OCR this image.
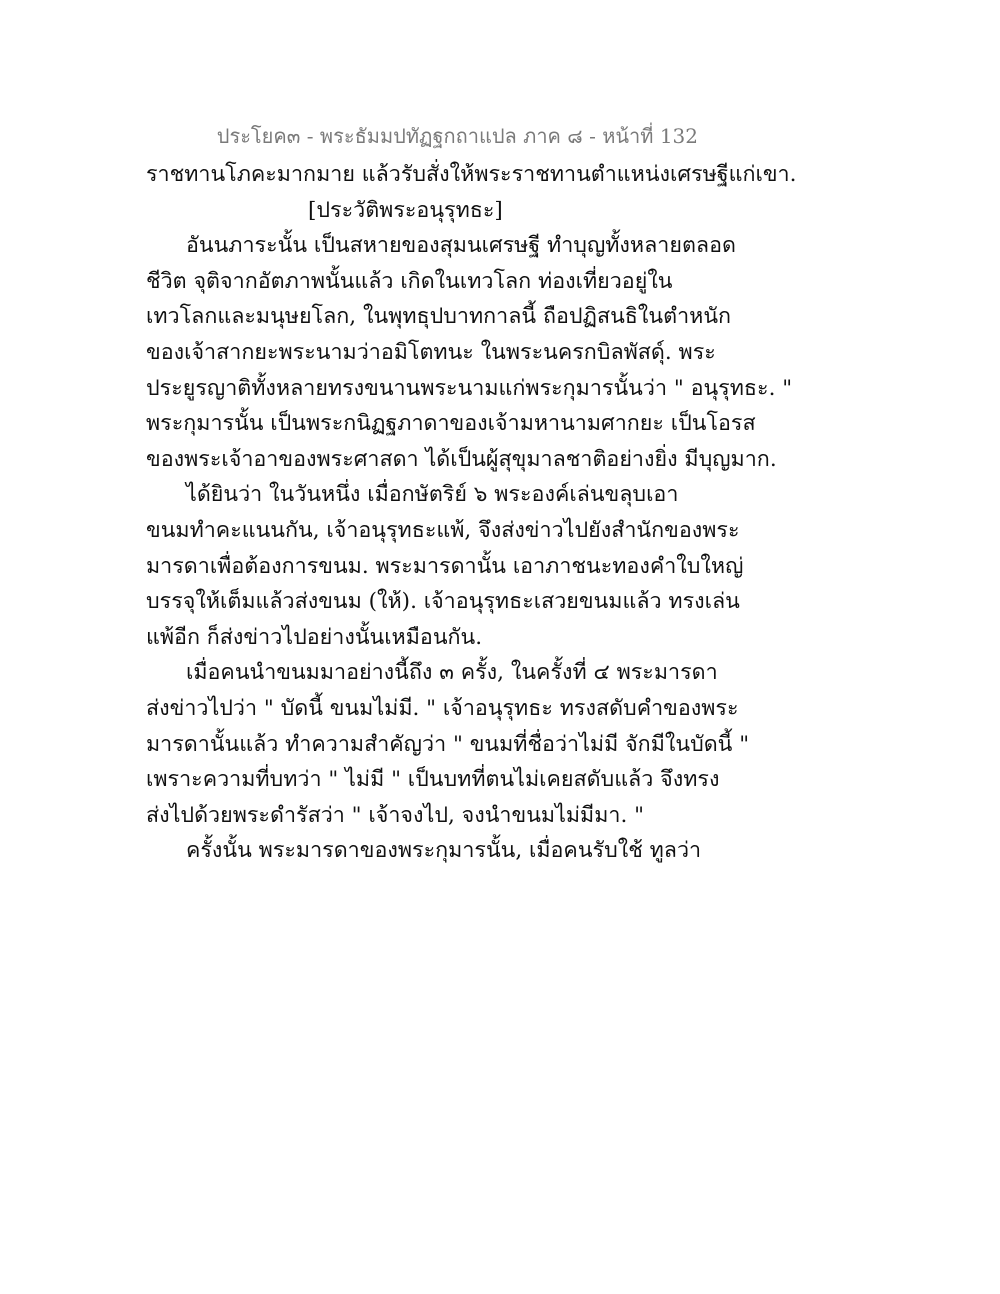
ประโยค๓ - พระธัมมปทัฏฐกถาแปล ภาค ๘ - หน้าที่ 132
ราชทานโภคะมากมาย แล้วรับสั่งให้พระราชทานตำแหน่งเศรษฐีแก่เขา.
[ประวัติพระอนุรุทธะ]
อันนภาระนั้น เป็นสหายของสุมนเศรษฐี ทำบุญทั้งหลายตลอด
ชีวิต จุติจากอัตภาพนั้นแล้ว เกิดในเทวโลก ท่องเที่ยวอยู่ใน
เทวโลกและมนุษยโลก, ในพุทธุปบาทกาลนี้ ถือปฏิสนธิในตำหนัก
ของเจ้าสากยะพระนามว่าอมิโตทนะ ในพระนครกบิลพัสดุ์. พระ
ประยูรญาติทั้งหลายทรงขนานพระนามแก่พระกุมารนั้นว่า " อนุรุทธะ. "
พระกุมารนั้น เป็นพระกนิฏฐภาดาของเจ้ามหานามศากยะ เป็นโอรส
ของพระเจ้าอาของพระศาสดา ได้เป็นผู้สุขุมาลชาติอย่างยิ่ง มีบุญมาก.
ได้ยินว่า ในวันหนึ่ง เมื่อกษัตริย์ ๖ พระองค์เล่นขลุบเอา
ขนมทำคะแนนกัน, เจ้าอนุรุทธะแพ้, จึงส่งข่าวไปยังสำนักของพระ
มารดาเพื่อต้องการขนม. พระมารดานั้น เอาภาชนะทองคำใบใหญ่
บรรจุให้เต็มแล้วส่งขนม (ให้). เจ้าอนุรุทธะเสวยขนมแล้ว ทรงเล่น
แพ้อีก ก็ส่งข่าวไปอย่างนั้นเหมือนกัน.
เมื่อคนนำขนมมาอย่างนี้ถึง ๓ ครั้ง, ในครั้งที่ ๔ พระมารดา
ส่งข่าวไปว่า " บัดนี้ ขนมไม่มี. " เจ้าอนุรุทธะ ทรงสดับคำของพระ
มารดานั้นแล้ว ทำความสำคัญว่า " ขนมที่ชื่อว่าไม่มี จักมีในบัดนี้ "
เพราะความที่บทว่า " ไม่มี " เป็นบทที่ตนไม่เคยสดับแล้ว จึงทรง
ส่งไปด้วยพระดำรัสว่า " เจ้าจงไป, จงนำขนมไม่มีมา. "
ครั้งนั้น พระมารดาของพระกุมารนั้น, เมื่อคนรับใช้ ทูลว่า
